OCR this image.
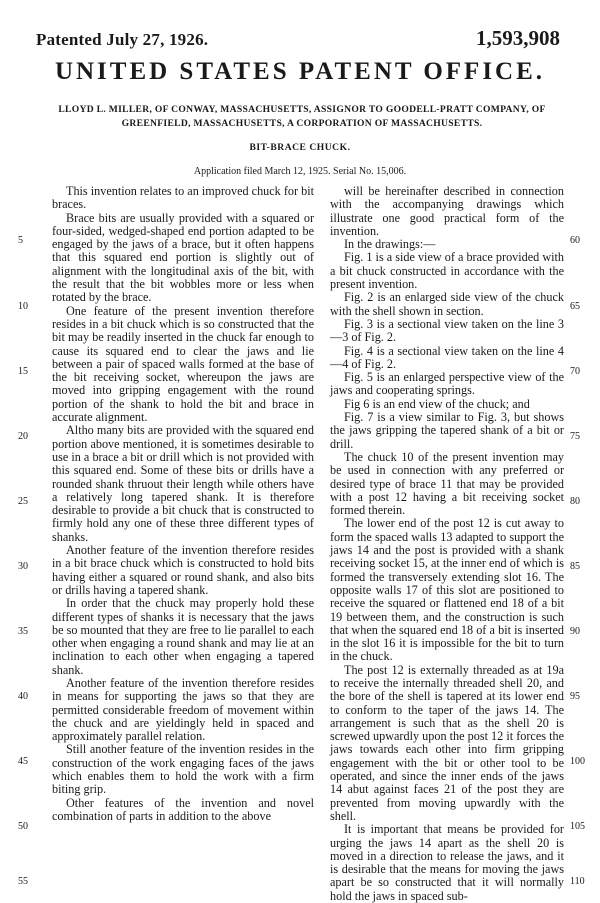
Patented July 27, 1926.	1,593,908
UNITED STATES PATENT OFFICE.
LLOYD L. MILLER, OF CONWAY, MASSACHUSETTS, ASSIGNOR TO GOODELL-PRATT COMPANY, OF GREENFIELD, MASSACHUSETTS, A CORPORATION OF MASSACHUSETTS.
BIT-BRACE CHUCK.
Application filed March 12, 1925. Serial No. 15,006.

This invention relates to an improved chuck for bit braces.

Brace bits are usually provided with a squared or four-sided, wedged-shaped end portion adapted to be engaged by the jaws of a brace, but it often happens that this squared end portion is slightly out of alignment with the longitudinal axis of the bit, with the result that the bit wobbles more or less when rotated by the brace.

One feature of the present invention therefore resides in a bit chuck which is so constructed that the bit may be readily inserted in the chuck far enough to cause its squared end to clear the jaws and lie between a pair of spaced walls formed at the base of the bit receiving socket, whereupon the jaws are moved into gripping engagement with the round portion of the shank to hold the bit and brace in accurate alignment.

Altho many bits are provided with the squared end portion above mentioned, it is sometimes desirable to use in a brace a bit or drill which is not provided with this squared end. Some of these bits or drills have a rounded shank thruout their length while others have a relatively long tapered shank. It is therefore desirable to provide a bit chuck that is constructed to firmly hold any one of these three different types of shanks.

Another feature of the invention therefore resides in a bit brace chuck which is constructed to hold bits having either a squared or round shank, and also bits or drills having a tapered shank.

In order that the chuck may properly hold these different types of shanks it is necessary that the jaws be so mounted that they are free to lie parallel to each other when engaging a round shank and may lie at an inclination to each other when engaging a tapered shank.

Another feature of the invention therefore resides in means for supporting the jaws so that they are permitted considerable freedom of movement within the chuck and are yieldingly held in spaced and approximately parallel relation.

Still another feature of the invention resides in the construction of the work engaging faces of the jaws which enables them to hold the work with a firm biting grip.

Other features of the invention and novel combination of parts in addition to the above

will be hereinafter described in connection with the accompanying drawings which illustrate one good practical form of the invention.

In the drawings:—

Fig. 1 is a side view of a brace provided with a bit chuck constructed in accordance with the present invention.

Fig. 2 is an enlarged side view of the chuck with the shell shown in section.

Fig. 3 is a sectional view taken on the line 3—3 of Fig. 2.

Fig. 4 is a sectional view taken on the line 4—4 of Fig. 2.

Fig. 5 is an enlarged perspective view of the jaws and cooperating springs.

Fig 6 is an end view of the chuck; and

Fig. 7 is a view similar to Fig. 3, but shows the jaws gripping the tapered shank of a bit or drill.

The chuck 10 of the present invention may be used in connection with any preferred or desired type of brace 11 that may be provided with a post 12 having a bit receiving socket formed therein.

The lower end of the post 12 is cut away to form the spaced walls 13 adapted to support the jaws 14 and the post is provided with a shank receiving socket 15, at the inner end of which is formed the transversely extending slot 16. The opposite walls 17 of this slot are positioned to receive the squared or flattened end 18 of a bit 19 between them, and the construction is such that when the squared end 18 of a bit is inserted in the slot 16 it is impossible for the bit to turn in the chuck.

The post 12 is externally threaded as at 19a to receive the internally threaded shell 20, and the bore of the shell is tapered at its lower end to conform to the taper of the jaws 14. The arrangement is such that as the shell 20 is screwed upwardly upon the post 12 it forces the jaws towards each other into firm gripping engagement with the bit or other tool to be operated, and since the inner ends of the jaws 14 abut against faces 21 of the post they are prevented from moving upwardly with the shell.

It is important that means be provided for urging the jaws 14 apart as the shell 20 is moved in a direction to release the jaws, and it is desirable that the means for moving the jaws apart be so constructed that it will normally hold the jaws in spaced sub-

5
10
15
20
25
30
35
40
45
50
55
60
65
70
75
80
85
90
95
100
105
110
